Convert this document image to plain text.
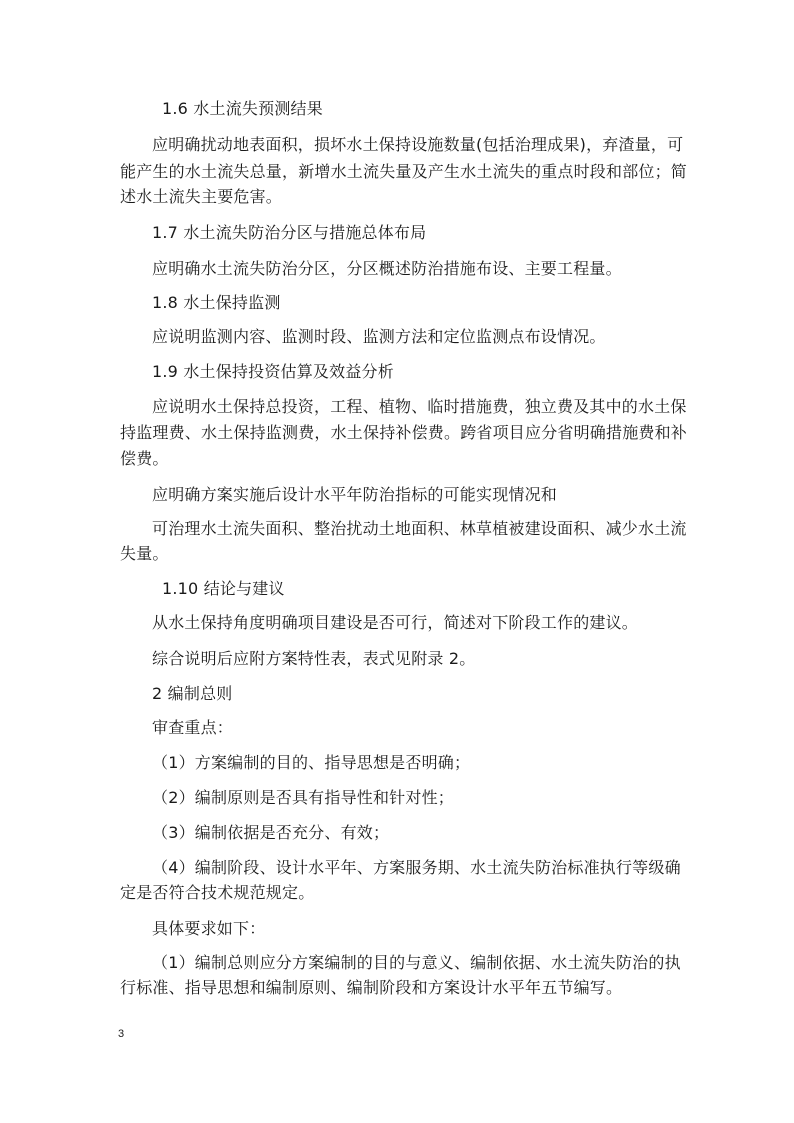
1.6 水土流失预测结果
应明确扰动地表面积，损坏水土保持设施数量(包括治理成果)，弃渣量，可
能产生的水土流失总量，新增水土流失量及产生水土流失的重点时段和部位；简
述水土流失主要危害。
1.7 水土流失防治分区与措施总体布局
应明确水土流失防治分区，分区概述防治措施布设、主要工程量。
1.8 水土保持监测
应说明监测内容、监测时段、监测方法和定位监测点布设情况。
1.9 水土保持投资估算及效益分析
应说明水土保持总投资，工程、植物、临时措施费，独立费及其中的水土保
持监理费、水土保持监测费，水土保持补偿费。跨省项目应分省明确措施费和补
偿费。
应明确方案实施后设计水平年防治指标的可能实现情况和
可治理水土流失面积、整治扰动土地面积、林草植被建设面积、减少水土流
失量。
1.10 结论与建议
从水土保持角度明确项目建设是否可行，简述对下阶段工作的建议。
综合说明后应附方案特性表，表式见附录 2。
2 编制总则
审查重点：
（1）方案编制的目的、指导思想是否明确；
（2）编制原则是否具有指导性和针对性；
（3）编制依据是否充分、有效；
（4）编制阶段、设计水平年、方案服务期、水土流失防治标准执行等级确
定是否符合技术规范规定。
具体要求如下：
（1）编制总则应分方案编制的目的与意义、编制依据、水土流失防治的执
行标准、指导思想和编制原则、编制阶段和方案设计水平年五节编写。
3
